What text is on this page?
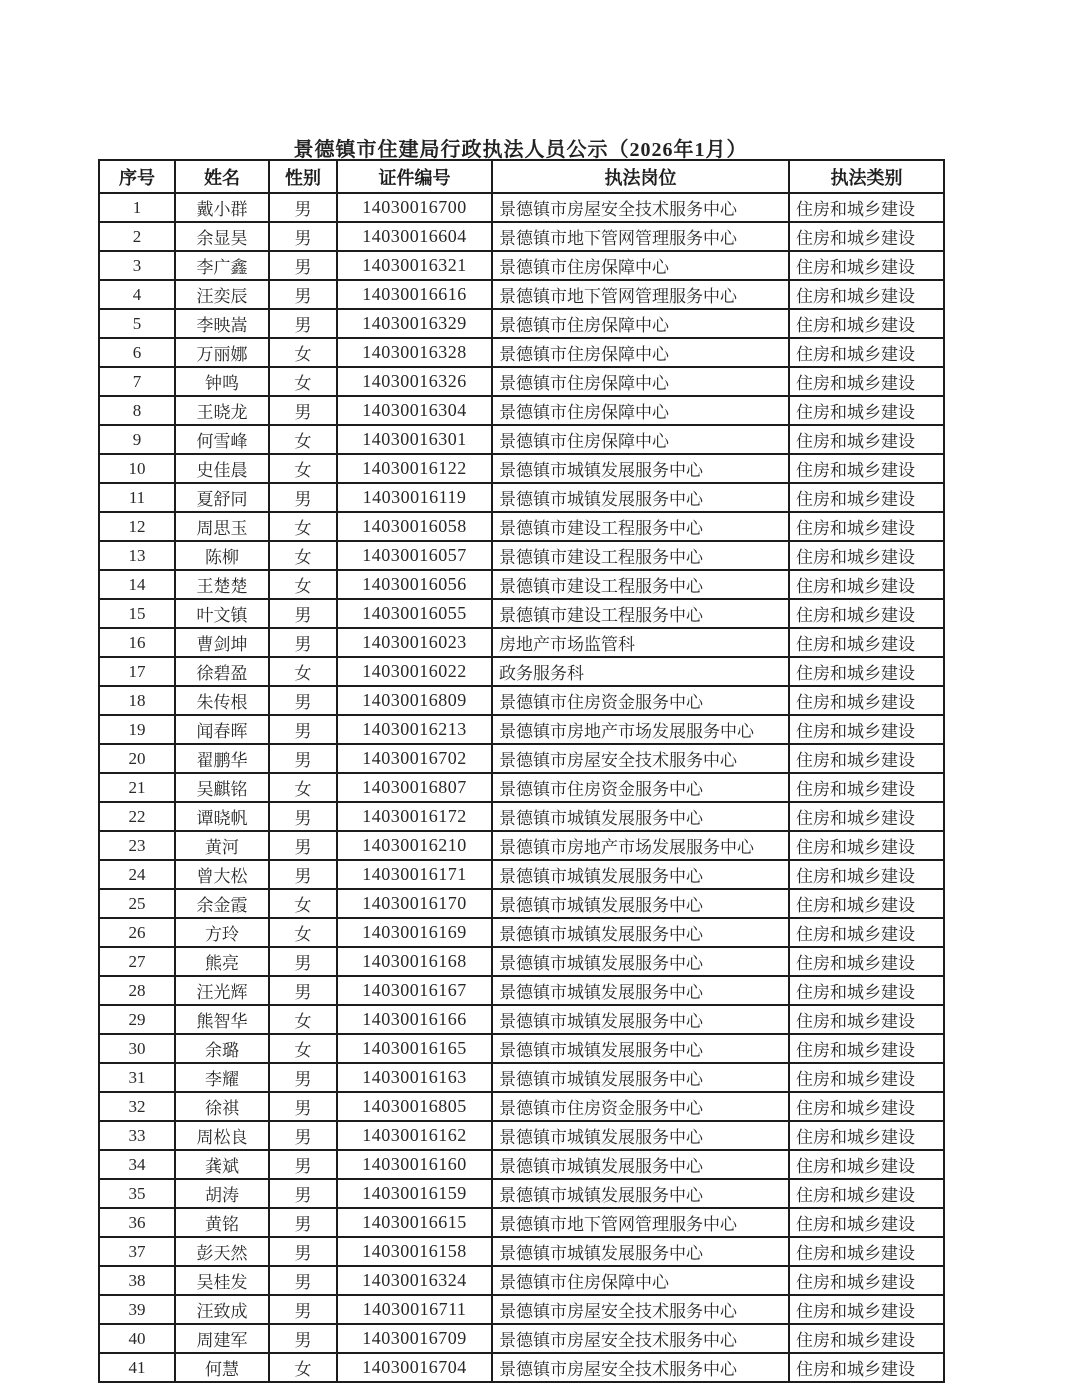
景德镇市住建局行政执法人员公示（2026年1月）
序号	姓名	性别	证件编号	执法岗位	执法类别
1	戴小群	男	14030016700	景德镇市房屋安全技术服务中心	住房和城乡建设
2	余显昊	男	14030016604	景德镇市地下管网管理服务中心	住房和城乡建设
3	李广鑫	男	14030016321	景德镇市住房保障中心	住房和城乡建设
4	汪奕辰	男	14030016616	景德镇市地下管网管理服务中心	住房和城乡建设
5	李映嵩	男	14030016329	景德镇市住房保障中心	住房和城乡建设
6	万丽娜	女	14030016328	景德镇市住房保障中心	住房和城乡建设
7	钟鸣	女	14030016326	景德镇市住房保障中心	住房和城乡建设
8	王晓龙	男	14030016304	景德镇市住房保障中心	住房和城乡建设
9	何雪峰	女	14030016301	景德镇市住房保障中心	住房和城乡建设
10	史佳晨	女	14030016122	景德镇市城镇发展服务中心	住房和城乡建设
11	夏舒同	男	14030016119	景德镇市城镇发展服务中心	住房和城乡建设
12	周思玉	女	14030016058	景德镇市建设工程服务中心	住房和城乡建设
13	陈柳	女	14030016057	景德镇市建设工程服务中心	住房和城乡建设
14	王楚楚	女	14030016056	景德镇市建设工程服务中心	住房和城乡建设
15	叶文镇	男	14030016055	景德镇市建设工程服务中心	住房和城乡建设
16	曹剑坤	男	14030016023	房地产市场监管科	住房和城乡建设
17	徐碧盈	女	14030016022	政务服务科	住房和城乡建设
18	朱传根	男	14030016809	景德镇市住房资金服务中心	住房和城乡建设
19	闻春晖	男	14030016213	景德镇市房地产市场发展服务中心	住房和城乡建设
20	翟鹏华	男	14030016702	景德镇市房屋安全技术服务中心	住房和城乡建设
21	吴麒铭	女	14030016807	景德镇市住房资金服务中心	住房和城乡建设
22	谭晓帆	男	14030016172	景德镇市城镇发展服务中心	住房和城乡建设
23	黄河	男	14030016210	景德镇市房地产市场发展服务中心	住房和城乡建设
24	曾大松	男	14030016171	景德镇市城镇发展服务中心	住房和城乡建设
25	余金霞	女	14030016170	景德镇市城镇发展服务中心	住房和城乡建设
26	方玲	女	14030016169	景德镇市城镇发展服务中心	住房和城乡建设
27	熊亮	男	14030016168	景德镇市城镇发展服务中心	住房和城乡建设
28	汪光辉	男	14030016167	景德镇市城镇发展服务中心	住房和城乡建设
29	熊智华	女	14030016166	景德镇市城镇发展服务中心	住房和城乡建设
30	余璐	女	14030016165	景德镇市城镇发展服务中心	住房和城乡建设
31	李耀	男	14030016163	景德镇市城镇发展服务中心	住房和城乡建设
32	徐祺	男	14030016805	景德镇市住房资金服务中心	住房和城乡建设
33	周松良	男	14030016162	景德镇市城镇发展服务中心	住房和城乡建设
34	龚斌	男	14030016160	景德镇市城镇发展服务中心	住房和城乡建设
35	胡涛	男	14030016159	景德镇市城镇发展服务中心	住房和城乡建设
36	黄铭	男	14030016615	景德镇市地下管网管理服务中心	住房和城乡建设
37	彭天然	男	14030016158	景德镇市城镇发展服务中心	住房和城乡建设
38	吴桂发	男	14030016324	景德镇市住房保障中心	住房和城乡建设
39	汪致成	男	14030016711	景德镇市房屋安全技术服务中心	住房和城乡建设
40	周建军	男	14030016709	景德镇市房屋安全技术服务中心	住房和城乡建设
41	何慧	女	14030016704	景德镇市房屋安全技术服务中心	住房和城乡建设
